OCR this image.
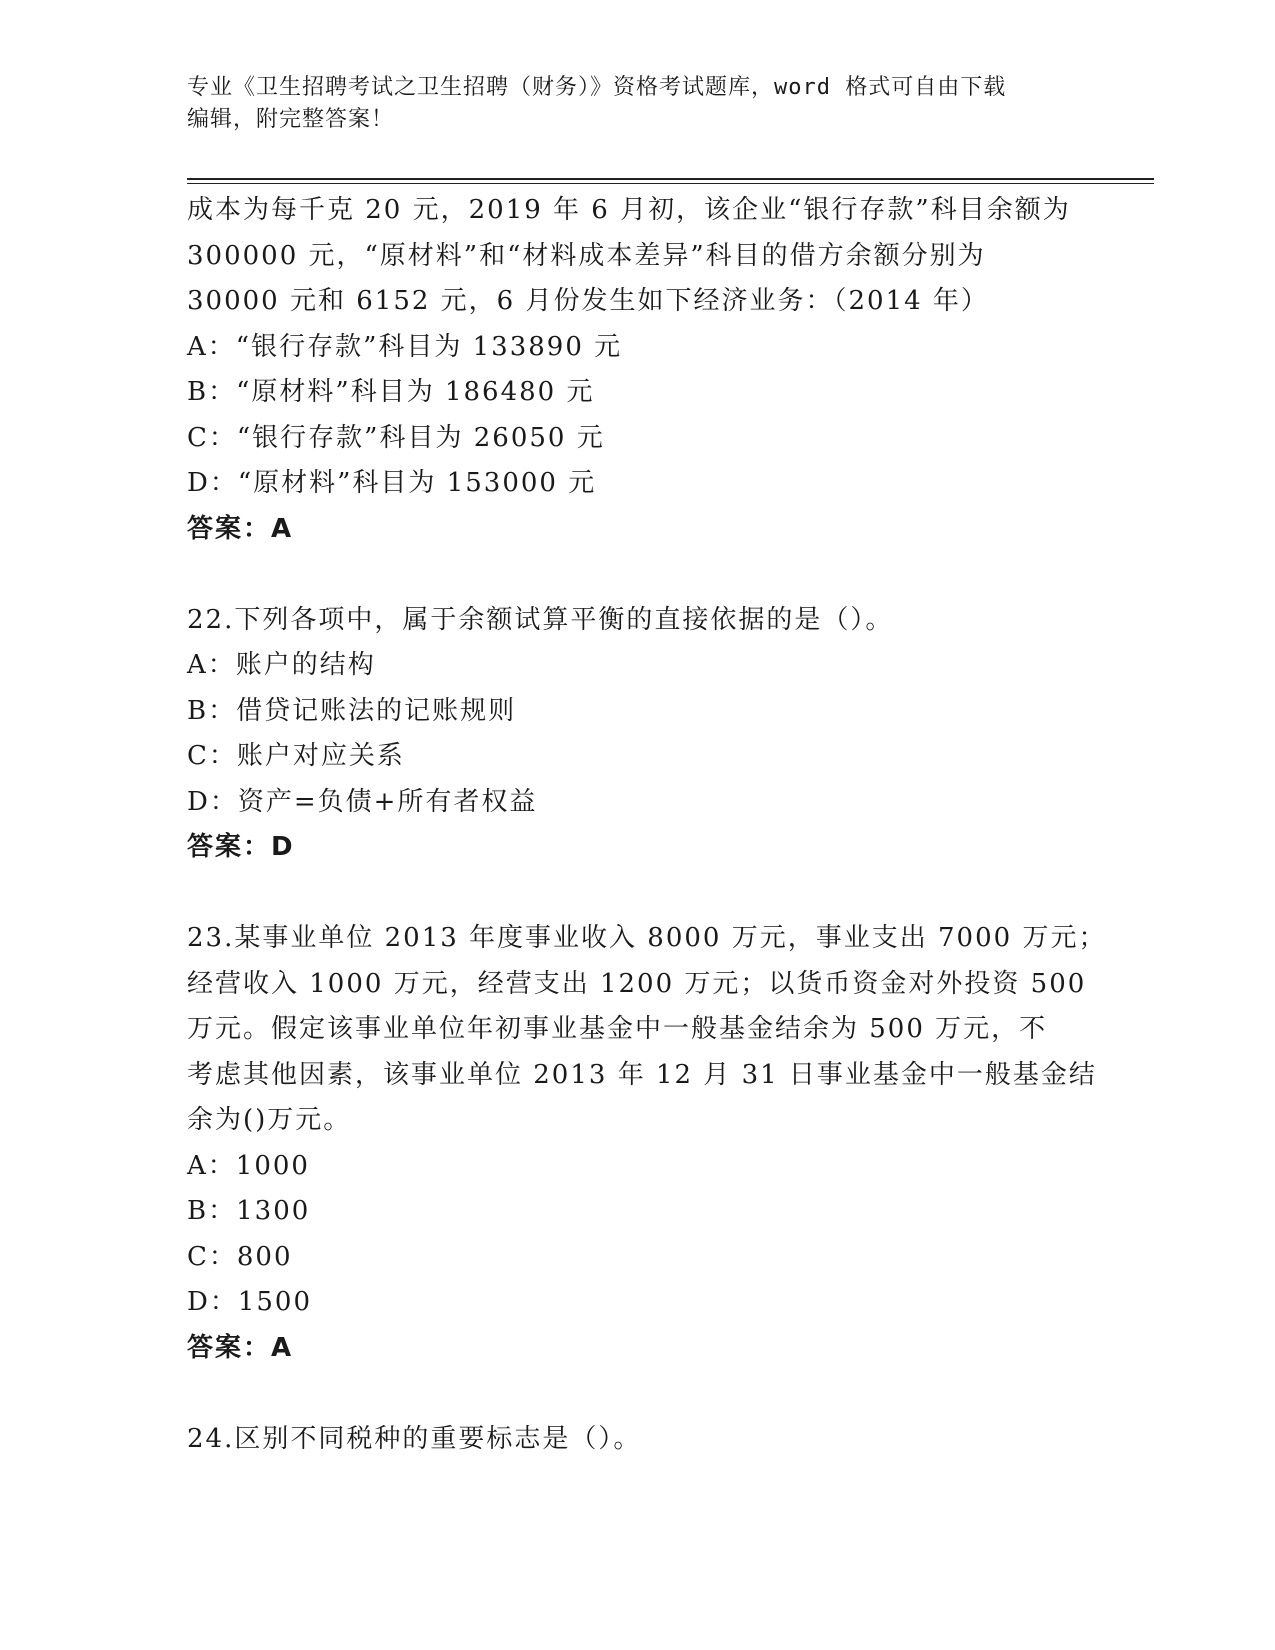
专业《卫生招聘考试之卫生招聘（财务）》资格考试题库，word 格式可自由下载
编辑，附完整答案！
成本为每千克 20 元，2019 年 6 月初，该企业“银行存款”科目余额为
300000 元，“原材料”和“材料成本差异”科目的借方余额分别为
30000 元和 6152 元，6 月份发生如下经济业务：（2014 年）
A：“银行存款”科目为 133890 元
B：“原材料”科目为 186480 元
C：“银行存款”科目为 26050 元
D：“原材料”科目为 153000 元
答案：A
22.下列各项中，属于余额试算平衡的直接依据的是（）。
A：账户的结构
B：借贷记账法的记账规则
C：账户对应关系
D：资产=负债+所有者权益
答案：D
23.某事业单位 2013 年度事业收入 8000 万元，事业支出 7000 万元；
经营收入 1000 万元，经营支出 1200 万元；以货币资金对外投资 500
万元。假定该事业单位年初事业基金中一般基金结余为 500 万元，不
考虑其他因素，该事业单位 2013 年 12 月 31 日事业基金中一般基金结
余为()万元。
A：1000
B：1300
C：800
D：1500
答案：A
24.区别不同税种的重要标志是（）。
